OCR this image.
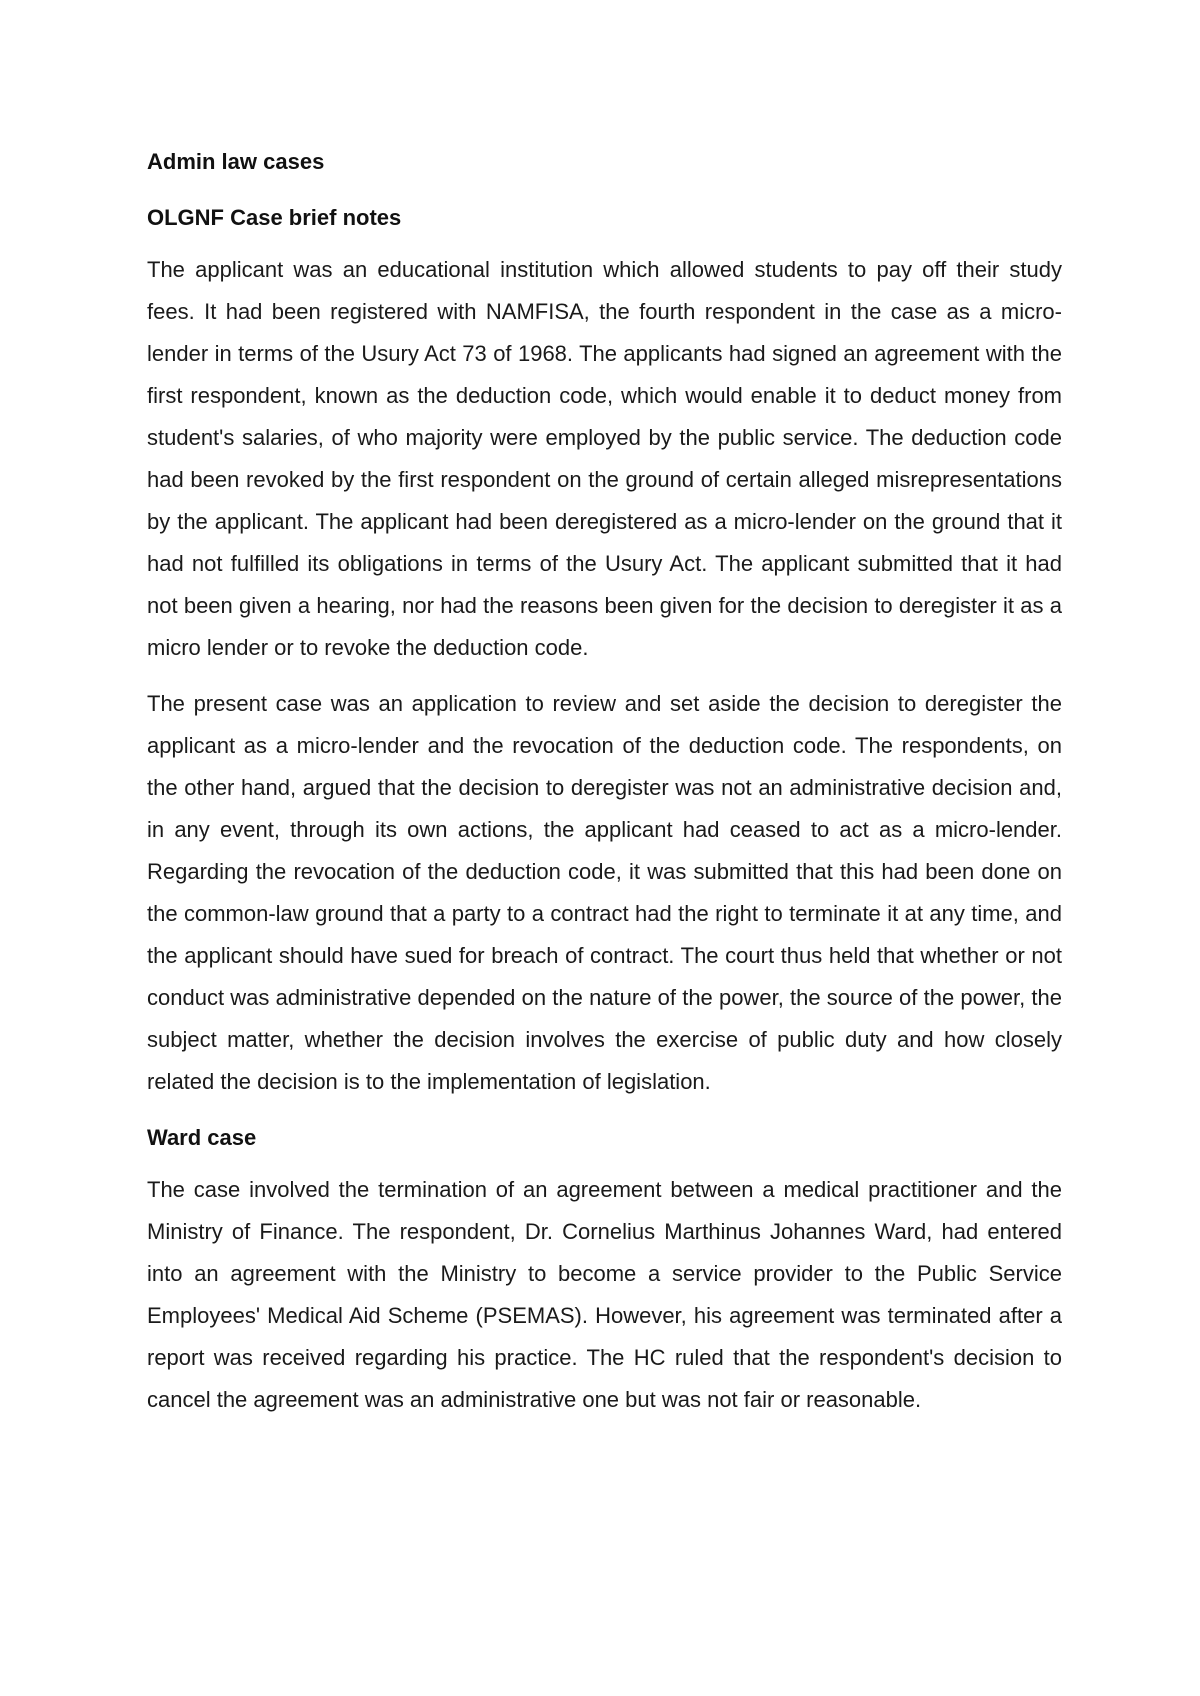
Admin law cases

OLGNF Case brief notes

The applicant was an educational institution which allowed students to pay off their study fees. It had been registered with NAMFISA, the fourth respondent in the case as a micro-lender in terms of the Usury Act 73 of 1968. The applicants had signed an agreement with the first respondent, known as the deduction code, which would enable it to deduct money from student's salaries, of who majority were employed by the public service. The deduction code had been revoked by the first respondent on the ground of certain alleged misrepresentations by the applicant. The applicant had been deregistered as a micro-lender on the ground that it had not fulfilled its obligations in terms of the Usury Act. The applicant submitted that it had not been given a hearing, nor had the reasons been given for the decision to deregister it as a micro lender or to revoke the deduction code.

The present case was an application to review and set aside the decision to deregister the applicant as a micro-lender and the revocation of the deduction code. The respondents, on the other hand, argued that the decision to deregister was not an administrative decision and, in any event, through its own actions, the applicant had ceased to act as a micro-lender. Regarding the revocation of the deduction code, it was submitted that this had been done on the common-law ground that a party to a contract had the right to terminate it at any time, and the applicant should have sued for breach of contract. The court thus held that whether or not conduct was administrative depended on the nature of the power, the source of the power, the subject matter, whether the decision involves the exercise of public duty and how closely related the decision is to the implementation of legislation.

Ward case

The case involved the termination of an agreement between a medical practitioner and the Ministry of Finance. The respondent, Dr. Cornelius Marthinus Johannes Ward, had entered into an agreement with the Ministry to become a service provider to the Public Service Employees' Medical Aid Scheme (PSEMAS). However, his agreement was terminated after a report was received regarding his practice. The HC ruled that the respondent's decision to cancel the agreement was an administrative one but was not fair or reasonable.
